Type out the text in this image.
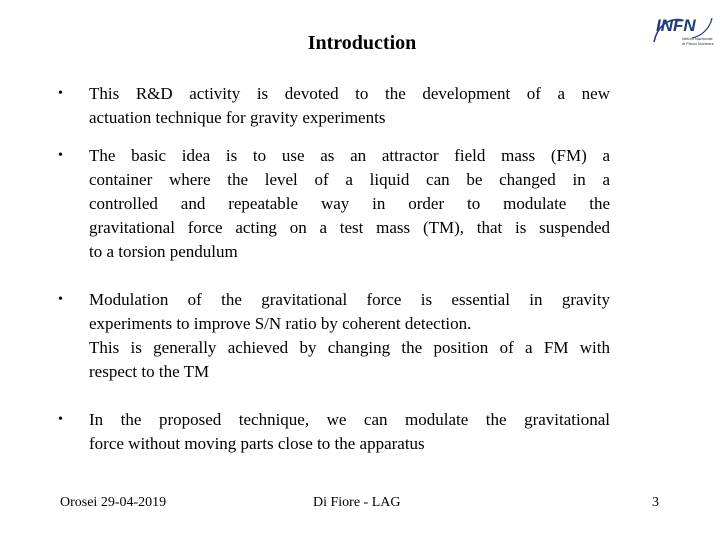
Introduction
INFN
Istituto Nazionale
di Fisica Nucleare
• This R&D activity is devoted to the development of a new
actuation technique for gravity experiments
• The basic idea is to use as an attractor field mass (FM) a
container where the level of a liquid can be changed in a
controlled and repeatable way in order to modulate the
gravitational force acting on a test mass (TM), that is suspended
to a torsion pendulum
• Modulation of the gravitational force is essential in gravity
experiments to improve S/N ratio by coherent detection.
This is generally achieved by changing the position of a FM with
respect to the TM
• In the proposed technique, we can modulate the gravitational
force without moving parts close to the apparatus
Orosei 29-04-2019	Di Fiore - LAG	3
